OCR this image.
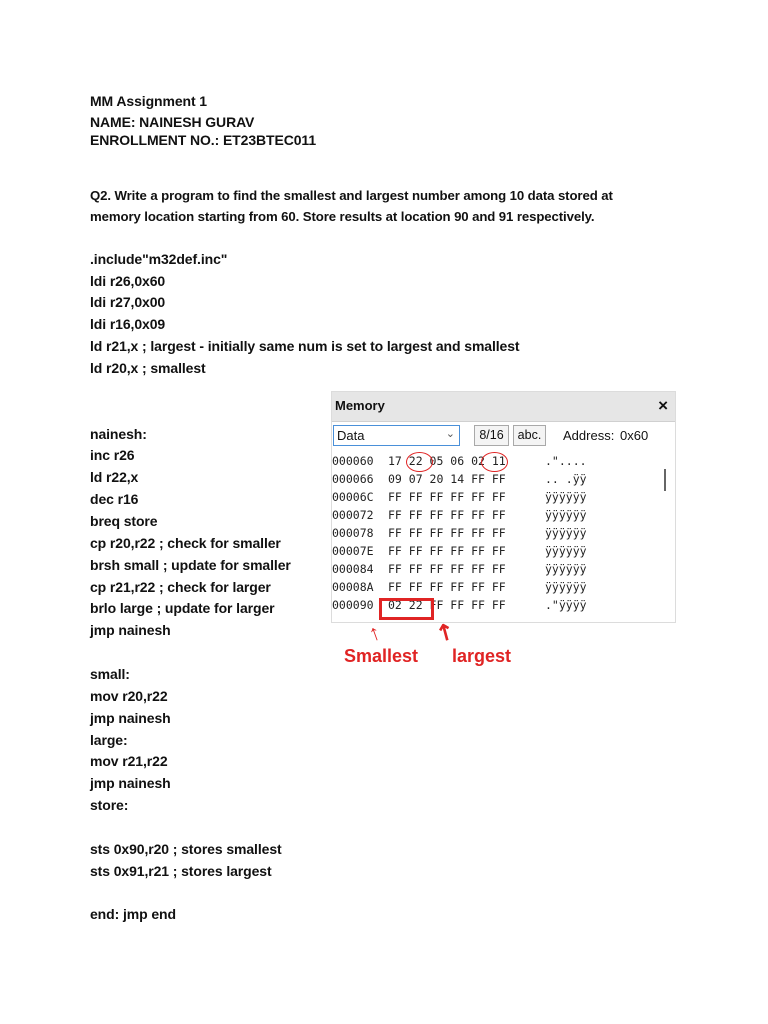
MM Assignment 1
NAME: NAINESH GURAV
ENROLLMENT NO.: ET23BTEC011
Q2. Write a program to find the smallest and largest number among 10 data stored at memory location starting from 60. Store results at location 90 and 91 respectively.
.include"m32def.inc"
ldi r26,0x60
ldi r27,0x00
ldi r16,0x09
ld r21,x ; largest - initially same num is set to largest and smallest
ld r20,x ; smallest
nainesh:
inc r26
ld r22,x
dec r16
breq store
cp r20,r22 ; check for smaller
brsh small ; update for smaller
cp r21,r22 ; check for larger
brlo large ; update for larger
jmp nainesh
small:
mov r20,r22
jmp nainesh
large:
mov r21,r22
jmp nainesh
store:
sts 0x90,r20 ; stores smallest
sts 0x91,r21 ; stores largest
end: jmp end
Memory	×
Data	⌄	8/16	abc.	Address: 0x60
000060 17 22 05 06 02 11	."....
000066 09 07 20 14 FF FF	.. .ÿÿ
00006C FF FF FF FF FF FF	ÿÿÿÿÿÿ
000072 FF FF FF FF FF FF	ÿÿÿÿÿÿ
000078 FF FF FF FF FF FF	ÿÿÿÿÿÿ
00007E FF FF FF FF FF FF	ÿÿÿÿÿÿ
000084 FF FF FF FF FF FF	ÿÿÿÿÿÿ
00008A FF FF FF FF FF FF	ÿÿÿÿÿÿ
000090 02 22 FF FF FF FF	."ÿÿÿÿ
↑ ↖
Smallest largest
